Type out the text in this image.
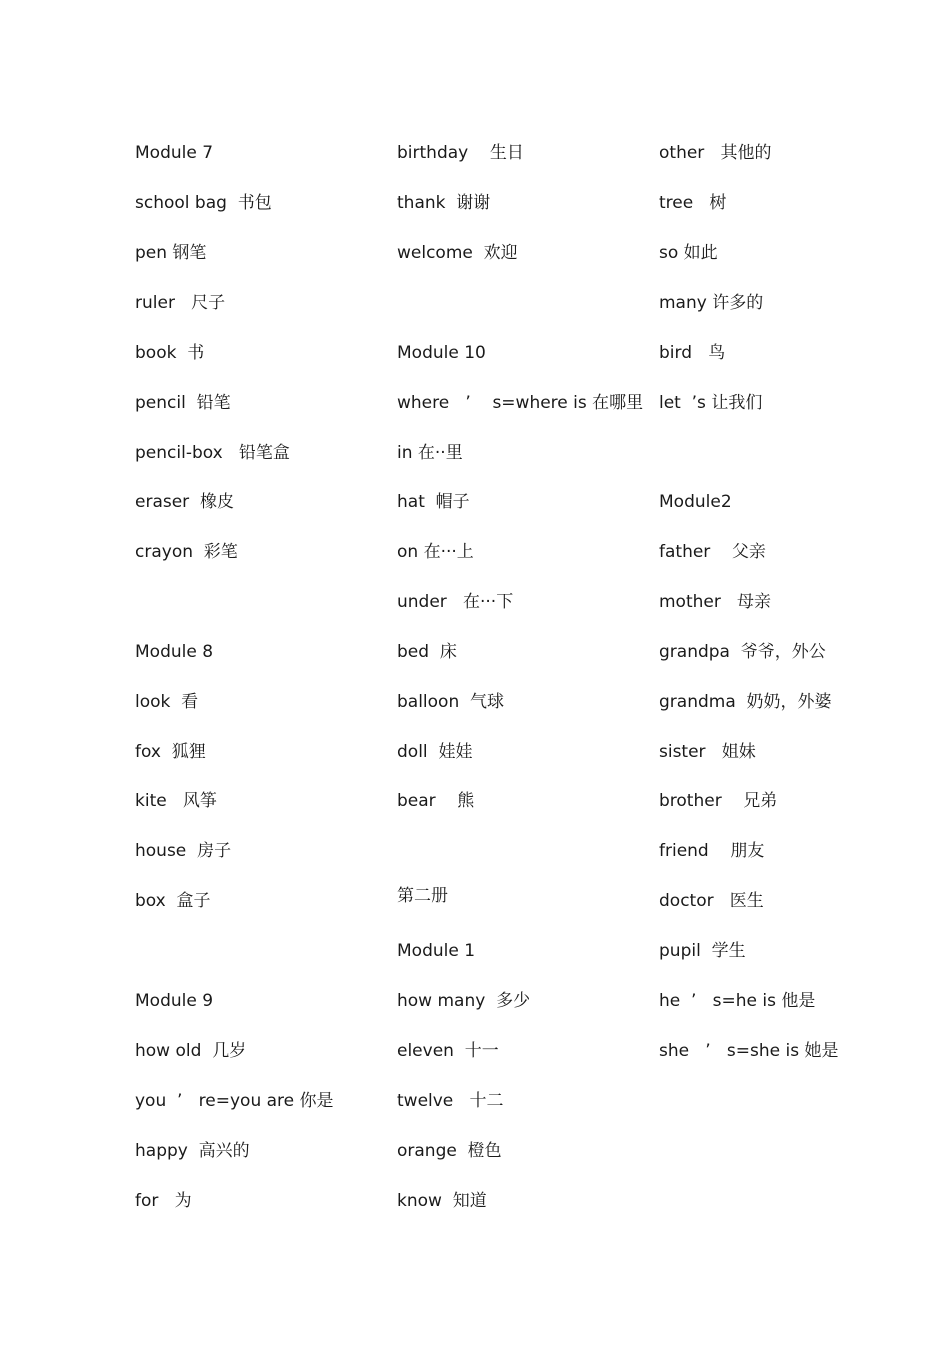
Module 7
school bag  书包
pen 钢笔
ruler   尺子
book  书
pencil  铅笔
pencil-box   铅笔盒
eraser  橡皮
crayon  彩笔
Module 8
look  看
fox  狐狸
kite   风筝
house  房子
box  盒子
Module 9
how old  几岁
you  ’   re=you are 你是
happy  高兴的
for   为
birthday    生日
thank  谢谢
welcome  欢迎
Module 10
where   ’    s=where is 在哪里
in 在··里
hat  帽子
on 在···上
under   在···下
bed  床
balloon  气球
doll  娃娃
bear    熊
第二册
Module 1
how many  多少
eleven  十一
twelve   十二
orange  橙色
know  知道
other   其他的
tree   树
so 如此
many 许多的
bird   鸟
let  ’s 让我们
Module2
father    父亲
mother   母亲
grandpa  爷爷，外公
grandma  奶奶，外婆
sister   姐妹
brother    兄弟
friend    朋友
doctor   医生
pupil  学生
he  ’   s=he is 他是
she   ’   s=she is 她是
